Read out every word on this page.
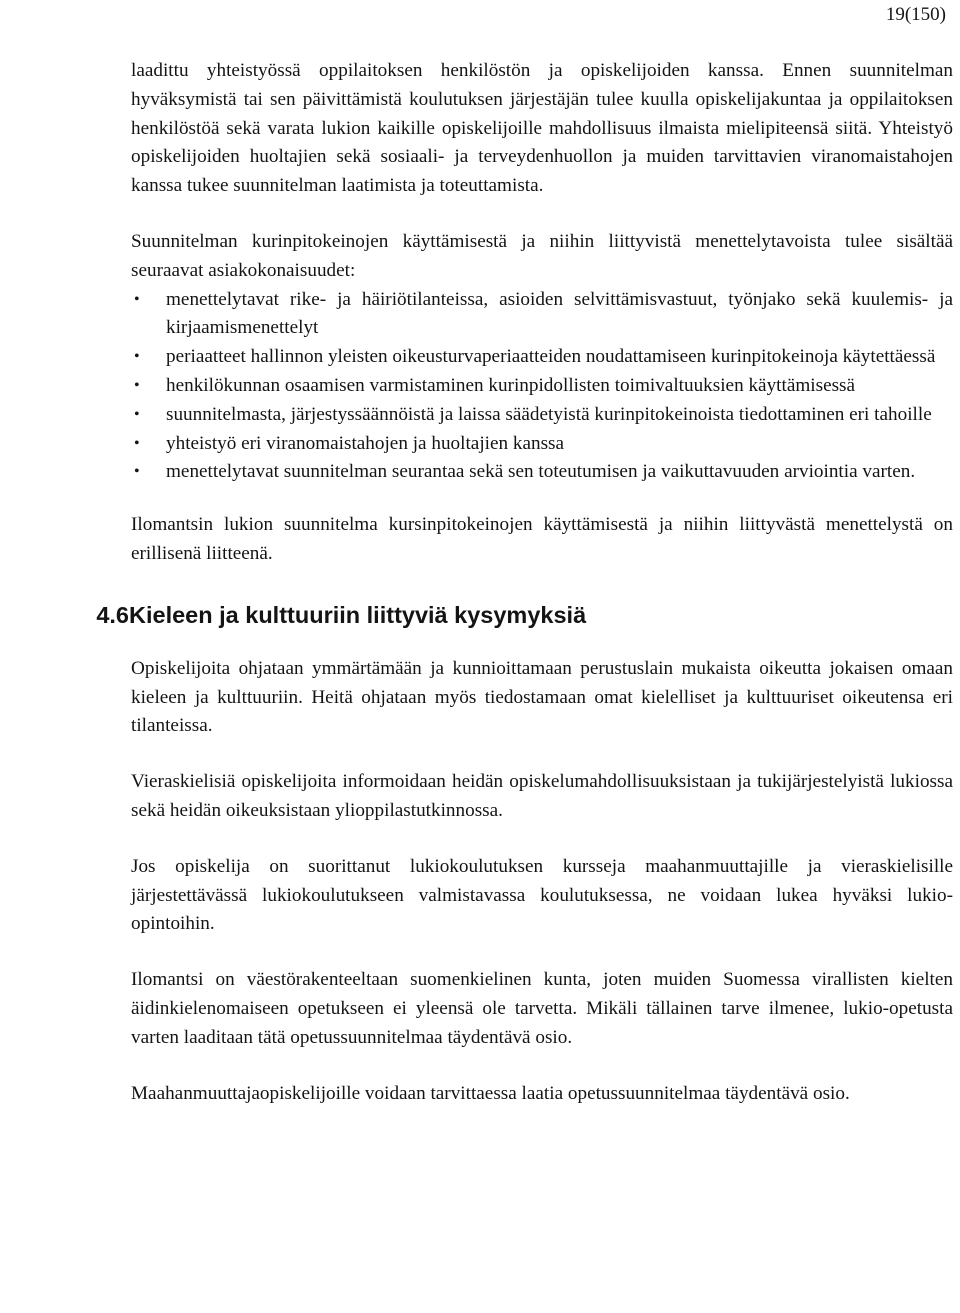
19(150)

laadittu yhteistyössä oppilaitoksen henkilöstön ja opiskelijoiden kanssa. Ennen suunnitelman hyväksymistä tai sen päivittämistä koulutuksen järjestäjän tulee kuulla opiskelijakuntaa ja oppilaitoksen henkilöstöä sekä varata lukion kaikille opiskelijoille mahdollisuus ilmaista mielipiteensä siitä. Yhteistyö opiskelijoiden huoltajien sekä sosiaali- ja terveydenhuollon ja muiden tarvittavien viranomaistahojen kanssa tukee suunnitelman laatimista ja toteuttamista.

Suunnitelman kurinpitokeinojen käyttämisestä ja niihin liittyvistä menettelytavoista tulee sisältää seuraavat asiakokonaisuudet:

• menettelytavat rike- ja häiriötilanteissa, asioiden selvittämisvastuut, työnjako sekä kuulemis- ja kirjaamismenettelyt
• periaatteet hallinnon yleisten oikeusturvaperiaatteiden noudattamiseen kurinpitokeinoja käytettäessä
• henkilökunnan osaamisen varmistaminen kurinpidollisten toimivaltuuksien käyttämisessä
• suunnitelmasta, järjestyssäännöistä ja laissa säädetyistä kurinpitokeinoista tiedottaminen eri tahoille
• yhteistyö eri viranomaistahojen ja huoltajien kanssa
• menettelytavat suunnitelman seurantaa sekä sen toteutumisen ja vaikuttavuuden arviointia varten.

Ilomantsin lukion suunnitelma kursinpitokeinojen käyttämisestä ja niihin liittyvästä menettelystä on erillisenä liitteenä.

4.6 Kieleen ja kulttuuriin liittyviä kysymyksiä

Opiskelijoita ohjataan ymmärtämään ja kunnioittamaan perustuslain mukaista oikeutta jokaisen omaan kieleen ja kulttuuriin. Heitä ohjataan myös tiedostamaan omat kielelliset ja kulttuuriset oikeutensa eri tilanteissa.

Vieraskielisiä opiskelijoita informoidaan heidän opiskelumahdollisuuksistaan ja tukijärjestelyistä lukiossa sekä heidän oikeuksistaan ylioppilastutkinnossa.

Jos opiskelija on suorittanut lukiokoulutuksen kursseja maahanmuuttajille ja vieraskielisille järjestettävässä lukiokoulutukseen valmistavassa koulutuksessa, ne voidaan lukea hyväksi lukio-opintoihin.

Ilomantsi on väestörakenteeltaan suomenkielinen kunta, joten muiden Suomessa virallisten kielten äidinkielenomaiseen opetukseen ei yleensä ole tarvetta. Mikäli tällainen tarve ilmenee, lukio-opetusta varten laaditaan tätä opetussuunnitelmaa täydentävä osio.

Maahanmuuttajaopiskelijoille voidaan tarvittaessa laatia opetussuunnitelmaa täydentävä osio.
